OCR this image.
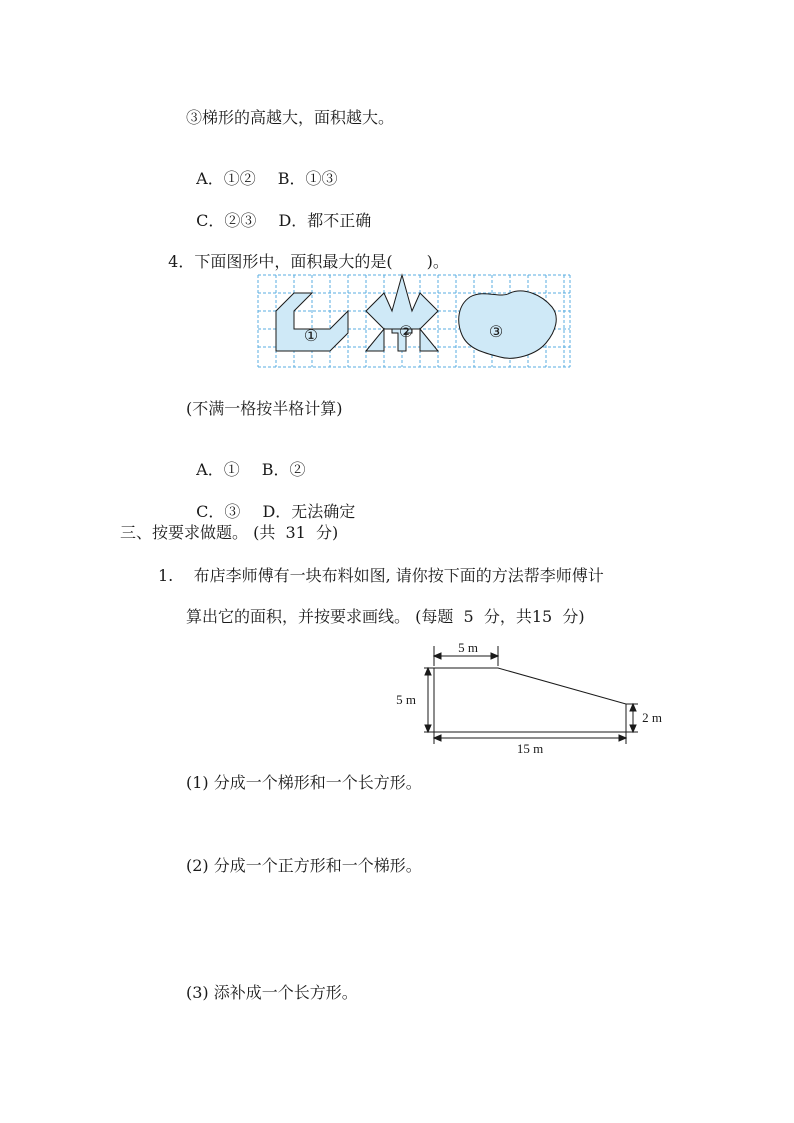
③梯形的高越大，面积越大。

A．①② B．①③

C．②③ D．都不正确

4．下面图形中，面积最大的是( )。

①	②	③
(不满一格按半格计算)

A．① B．②

C．③ D．无法确定

三、按要求做题。 (共  31  分)
1.    布店李师傅有一块布料如图, 请你按下面的方法帮李师傅计
算出它的面积，并按要求画线。 (每题  5  分，共15  分)
5 m
5 m
2 m
15 m
(1) 分成一个梯形和一个长方形。
(2) 分成一个正方形和一个梯形。
(3) 添补成一个长方形。
